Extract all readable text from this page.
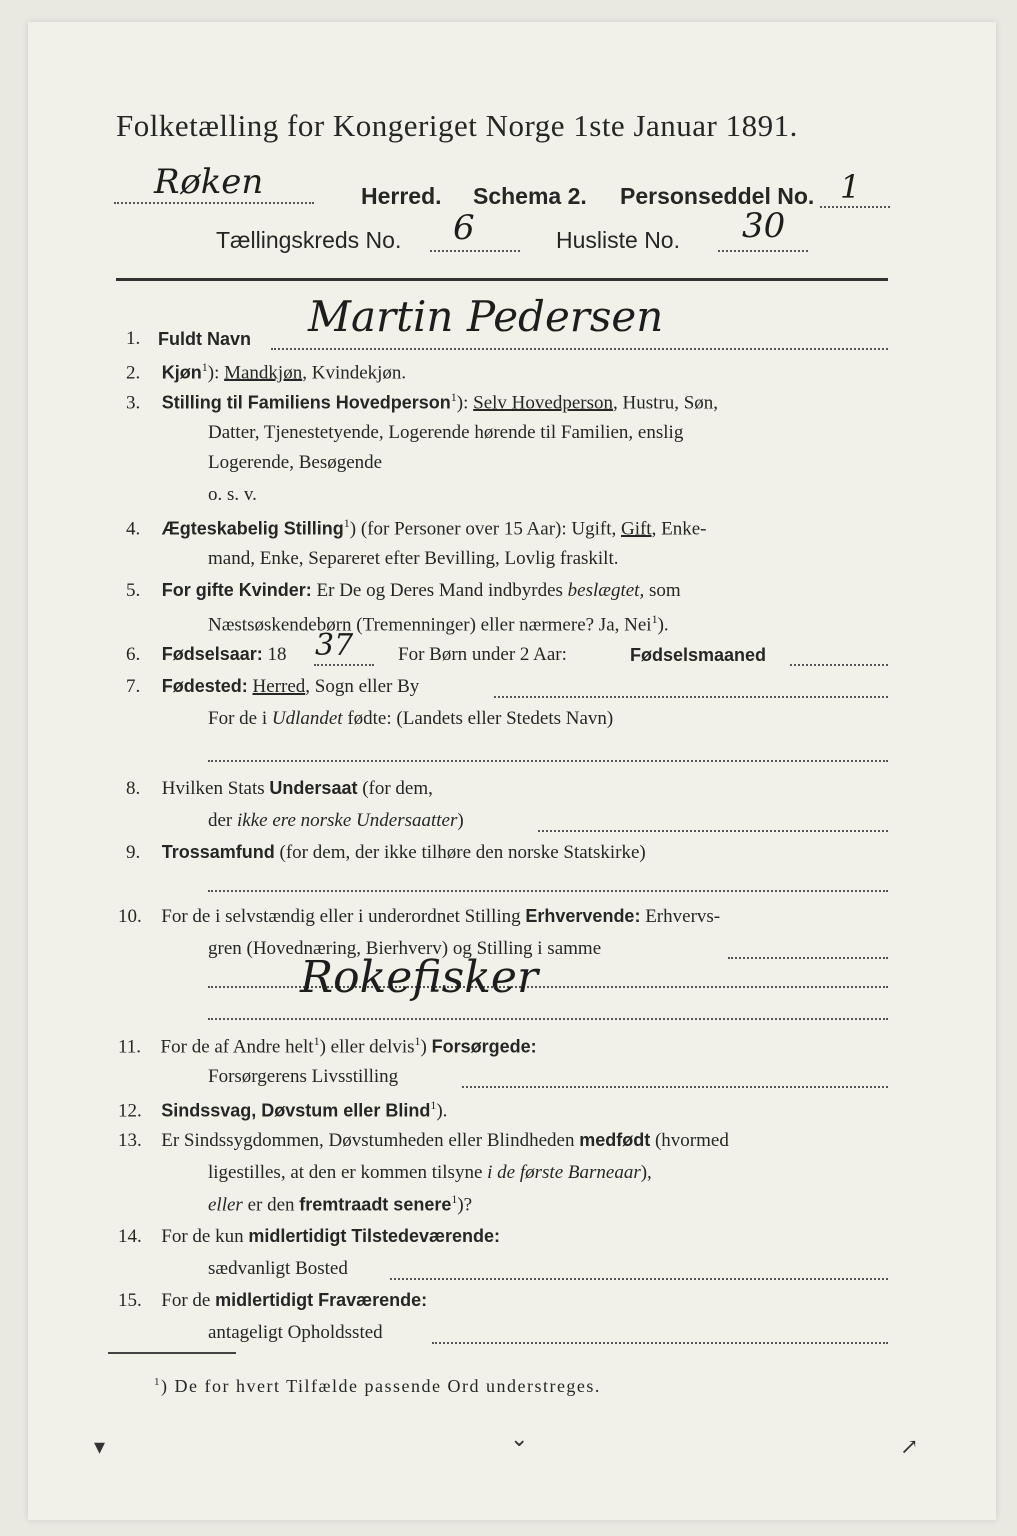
Folketælling for Kongeriget Norge 1ste Januar 1891.
Røken	Herred. Schema 2. Personseddel No. 1
Tællingskreds No. 6	Husliste No. 30
1. Fuldt Navn Martin Pedersen
2. Kjøn$^1$): Mandkjøn, Kvindekjøn.
3. Stilling til Familiens Hovedperson$^1$): Selv Hovedperson, Hustru, Søn,
Datter, Tjenestetyende, Logerende hørende til Familien, enslig
Logerende, Besøgende
o. s. v.
4. Ægteskabelig Stilling$^1$) (for Personer over 15 Aar): Ugift, Gift, Enke-
mand, Enke, Separeret efter Bevilling, Lovlig fraskilt.
5. For gifte Kvinder: Er De og Deres Mand indbyrdes beslægtet, som
Næstsøskendebørn (Tremenninger) eller nærmere? Ja, Nei$^1$).
6. Fødselsaar: 18 37 For Børn under 2 Aar:	Fødselsmaaned
7. Fødested: Herred, Sogn eller By
For de i Udlandet fødte: (Landets eller Stedets Navn)
8. Hvilken Stats Undersaat (for dem,
der ikke ere norske Undersaatter)
9. Trossamfund (for dem, der ikke tilhøre den norske Statskirke)
10. For de i selvstændig eller i underordnet Stilling Erhvervende: Erhvervs-
gren (Hovednæring, Bierhverv) og Stilling i samme
Rokefisker
11. For de af Andre helt$^1$) eller delvis$^1$) Forsørgede:
Forsørgerens Livsstilling
12. Sindssvag, Døvstum eller Blind$^1$).
13. Er Sindssygdommen, Døvstumheden eller Blindheden medfødt (hvormed
ligestilles, at den er kommen tilsyne i de første Barneaar),
eller er den fremtraadt senere$^1$)?
14. For de kun midlertidigt Tilstedeværende:
sædvanligt Bosted
15. For de midlertidigt Fraværende:
antageligt Opholdssted
$^1$) De for hvert Tilfælde passende Ord understreges.
▾	⌄	↗
